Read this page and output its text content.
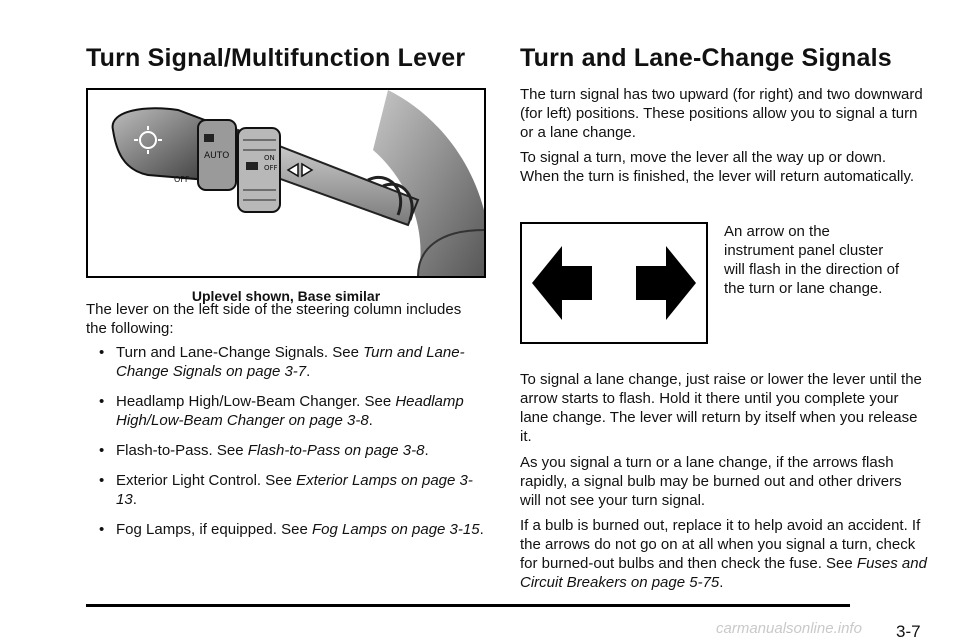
Turn Signal/Multifunction Lever
AUTO
OFF
ON
OFF
Uplevel shown, Base similar

The lever on the left side of the steering column includes the following:

• Turn and Lane-Change Signals. See Turn and Lane-Change Signals on page 3-7.
• Headlamp High/Low-Beam Changer. See Headlamp High/Low-Beam Changer on page 3-8.
• Flash-to-Pass. See Flash-to-Pass on page 3-8.
• Exterior Light Control. See Exterior Lamps on page 3-13.
• Fog Lamps, if equipped. See Fog Lamps on page 3-15.
Turn and Lane-Change Signals

The turn signal has two upward (for right) and two downward (for left) positions. These positions allow you to signal a turn or a lane change.

To signal a turn, move the lever all the way up or down. When the turn is finished, the lever will return automatically.

An arrow on the instrument panel cluster will flash in the direction of the turn or lane change.

To signal a lane change, just raise or lower the lever until the arrow starts to flash. Hold it there until you complete your lane change. The lever will return by itself when you release it.

As you signal a turn or a lane change, if the arrows flash rapidly, a signal bulb may be burned out and other drivers will not see your turn signal.

If a bulb is burned out, replace it to help avoid an accident. If the arrows do not go on at all when you signal a turn, check for burned-out bulbs and then check the fuse. See Fuses and Circuit Breakers on page 5-75.

carmanualsonline.info 3-7
